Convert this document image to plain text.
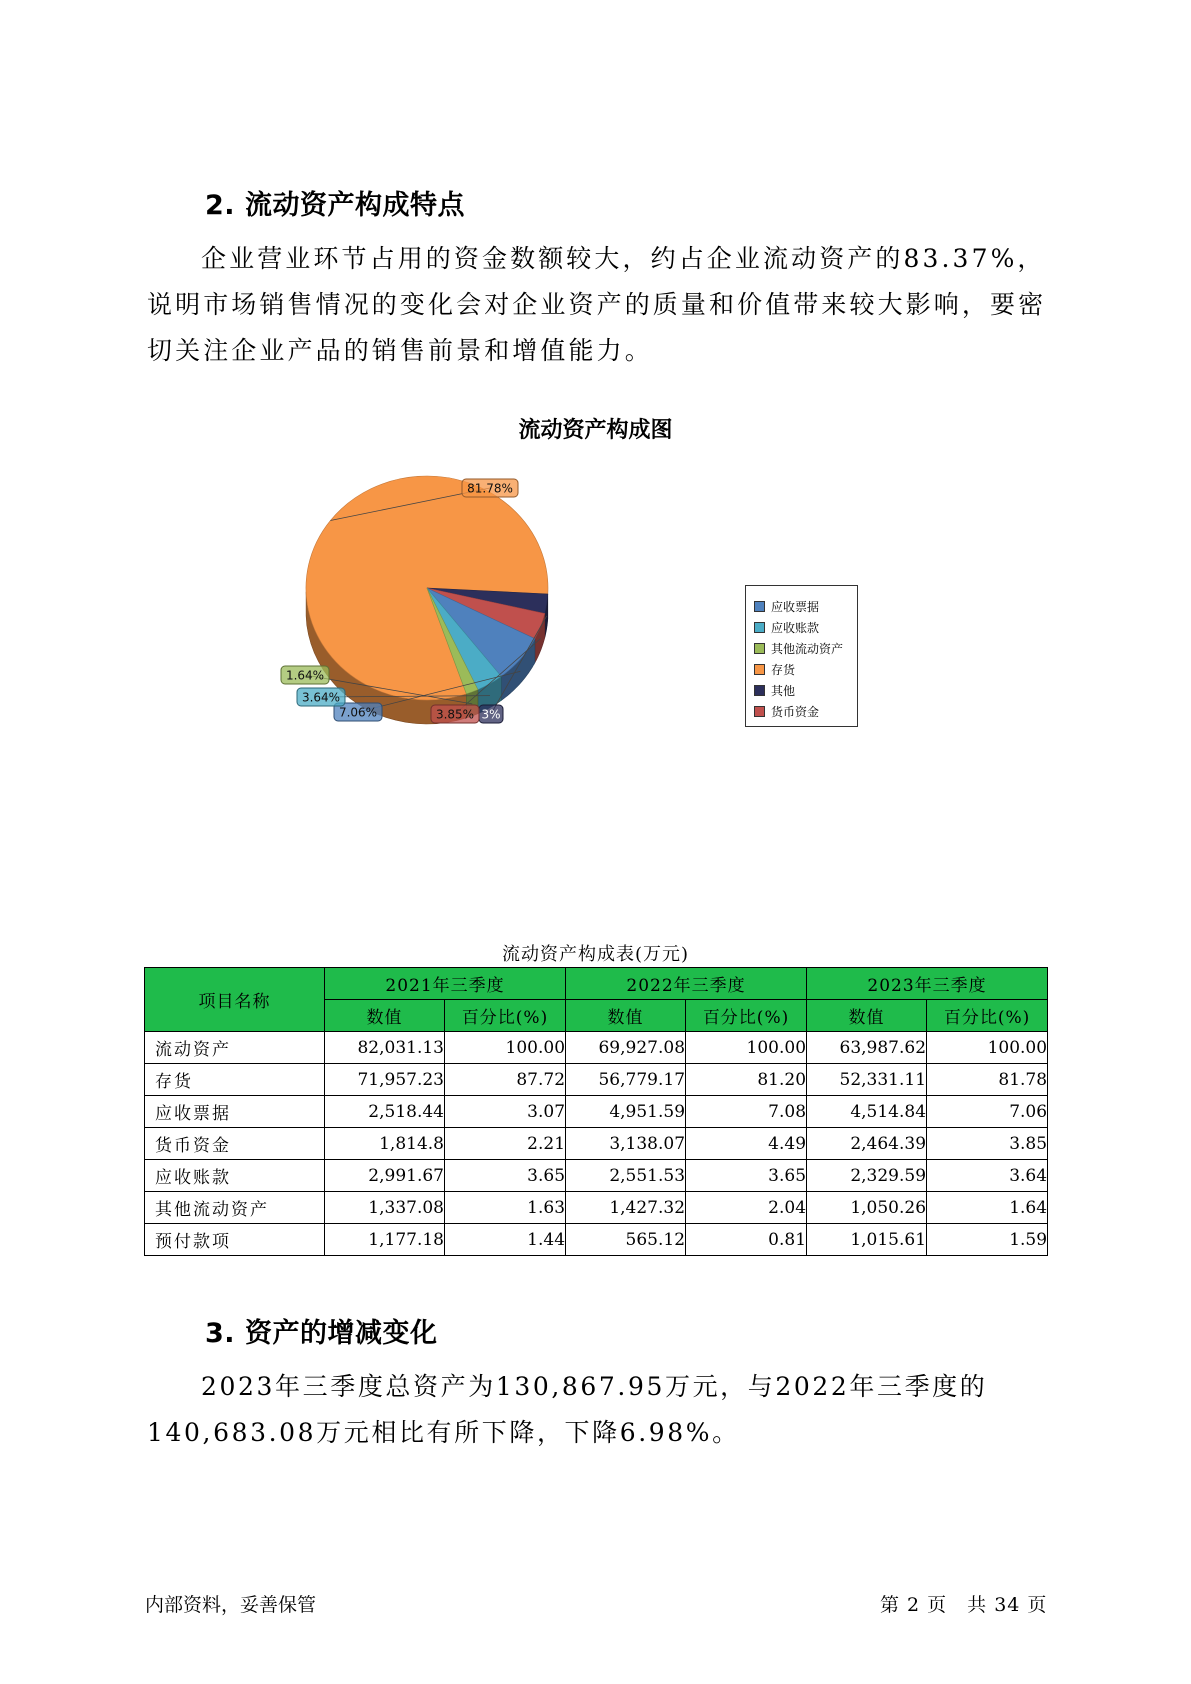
2. 流动资产构成特点
企业营业环节占用的资金数额较大，约占企业流动资产的83.37%，说明市场销售情况的变化会对企业资产的质量和价值带来较大影响，要密切关注企业产品的销售前景和增值能力。
流动资产构成图
3%
81.78%
3.85%
7.06%
3.64%
1.64%
应收票据
应收账款
其他流动资产
存货
其他
货币资金
流动资产构成表(万元)
项目名称	2021年三季度		2022年三季度		2023年三季度	
	数值	百分比(%)	数值	百分比(%)	数值	百分比(%)
流动资产	82,031.13	100.00	69,927.08	100.00	63,987.62	100.00
存货	71,957.23	87.72	56,779.17	81.20	52,331.11	81.78
应收票据	2,518.44	3.07	4,951.59	7.08	4,514.84	7.06
货币资金	1,814.8	2.21	3,138.07	4.49	2,464.39	3.85
应收账款	2,991.67	3.65	2,551.53	3.65	2,329.59	3.64
其他流动资产	1,337.08	1.63	1,427.32	2.04	1,050.26	1.64
预付款项	1,177.18	1.44	565.12	0.81	1,015.61	1.59
3. 资产的增减变化
2023年三季度总资产为130,867.95万元，与2022年三季度的140,683.08万元相比有所下降，下降6.98%。
内部资料，妥善保管	第 2 页　共 34 页
